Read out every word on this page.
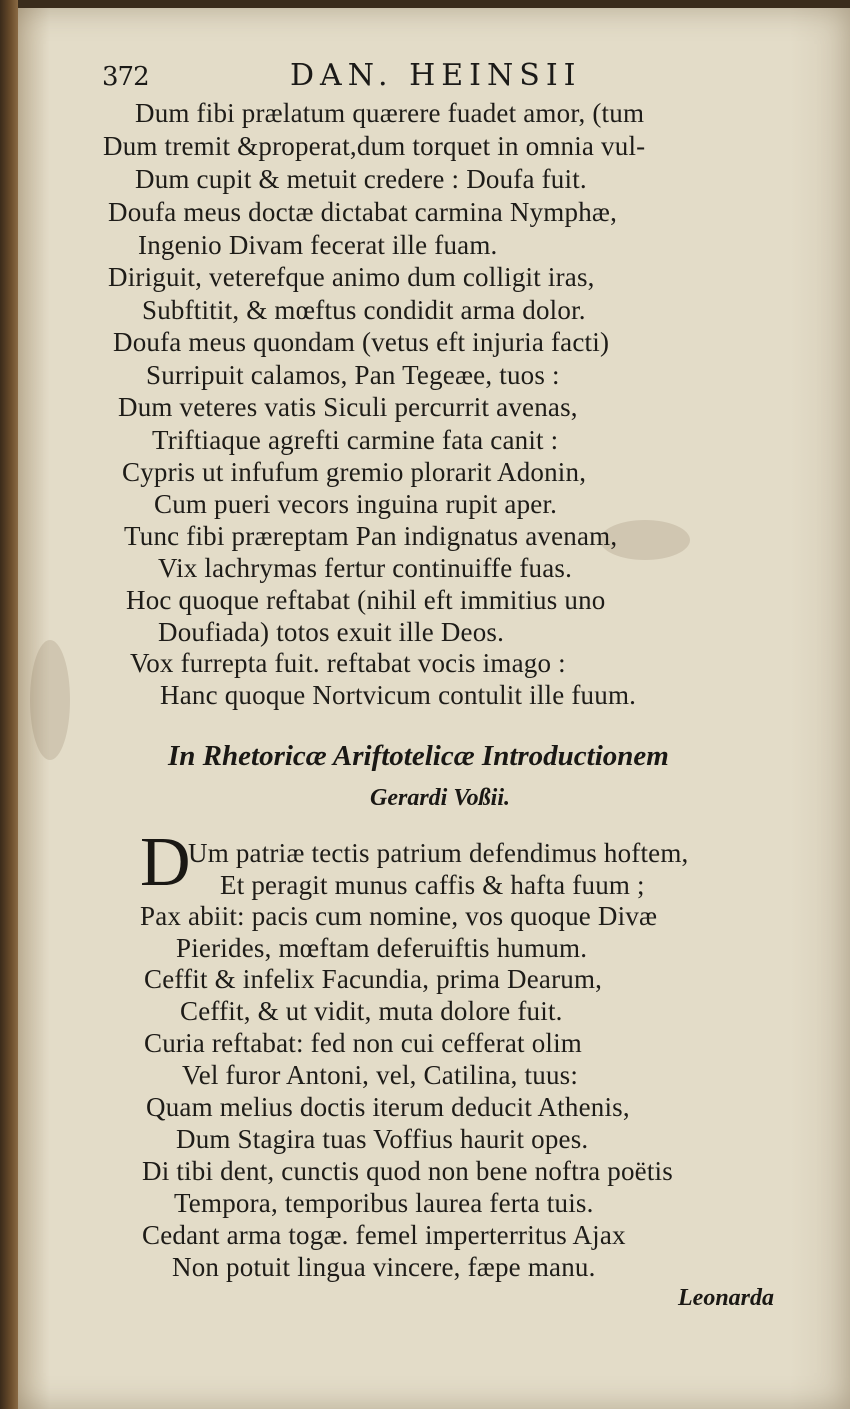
372	DAN. HEINSII
Dum fibi prælatum quærere fuadet amor, (tum
Dum tremit &properat,dum torquet in omnia vul-
Dum cupit & metuit credere : Doufa fuit.
Doufa meus doctæ dictabat carmina Nymphæ,
Ingenio Divam fecerat ille fuam.
Diriguit, veterefque animo dum colligit iras,
Subftitit, & mœftus condidit arma dolor.
Doufa meus quondam (vetus eft injuria facti)
Surripuit calamos, Pan Tegeæe, tuos :
Dum veteres vatis Siculi percurrit avenas,
Triftiaque agrefti carmine fata canit :
Cypris ut infufum gremio plorarit Adonin,
Cum pueri vecors inguina rupit aper.
Tunc fibi præreptam Pan indignatus avenam,
Vix lachrymas fertur continuiffe fuas.
Hoc quoque reftabat (nihil eft immitius uno
Doufiada) totos exuit ille Deos.
Vox furrepta fuit. reftabat vocis imago :
Hanc quoque Nortvicum contulit ille fuum.
In Rhetoricæ Ariftotelicæ Introductionem
Gerardi Voßii.
D
Um patriæ tectis patrium defendimus hoftem,
Et peragit munus caffis & hafta fuum ;
Pax abiit: pacis cum nomine, vos quoque Divæ
Pierides, mœftam deferuiftis humum.
Ceffit & infelix Facundia, prima Dearum,
Ceffit, & ut vidit, muta dolore fuit.
Curia reftabat: fed non cui cefferat olim
Vel furor Antoni, vel, Catilina, tuus:
Quam melius doctis iterum deducit Athenis,
Dum Stagira tuas Voffius haurit opes.
Di tibi dent, cunctis quod non bene noftra poëtis
Tempora, temporibus laurea ferta tuis.
Cedant arma togæ. femel imperterritus Ajax
Non potuit lingua vincere, fæpe manu.
Leonarda
